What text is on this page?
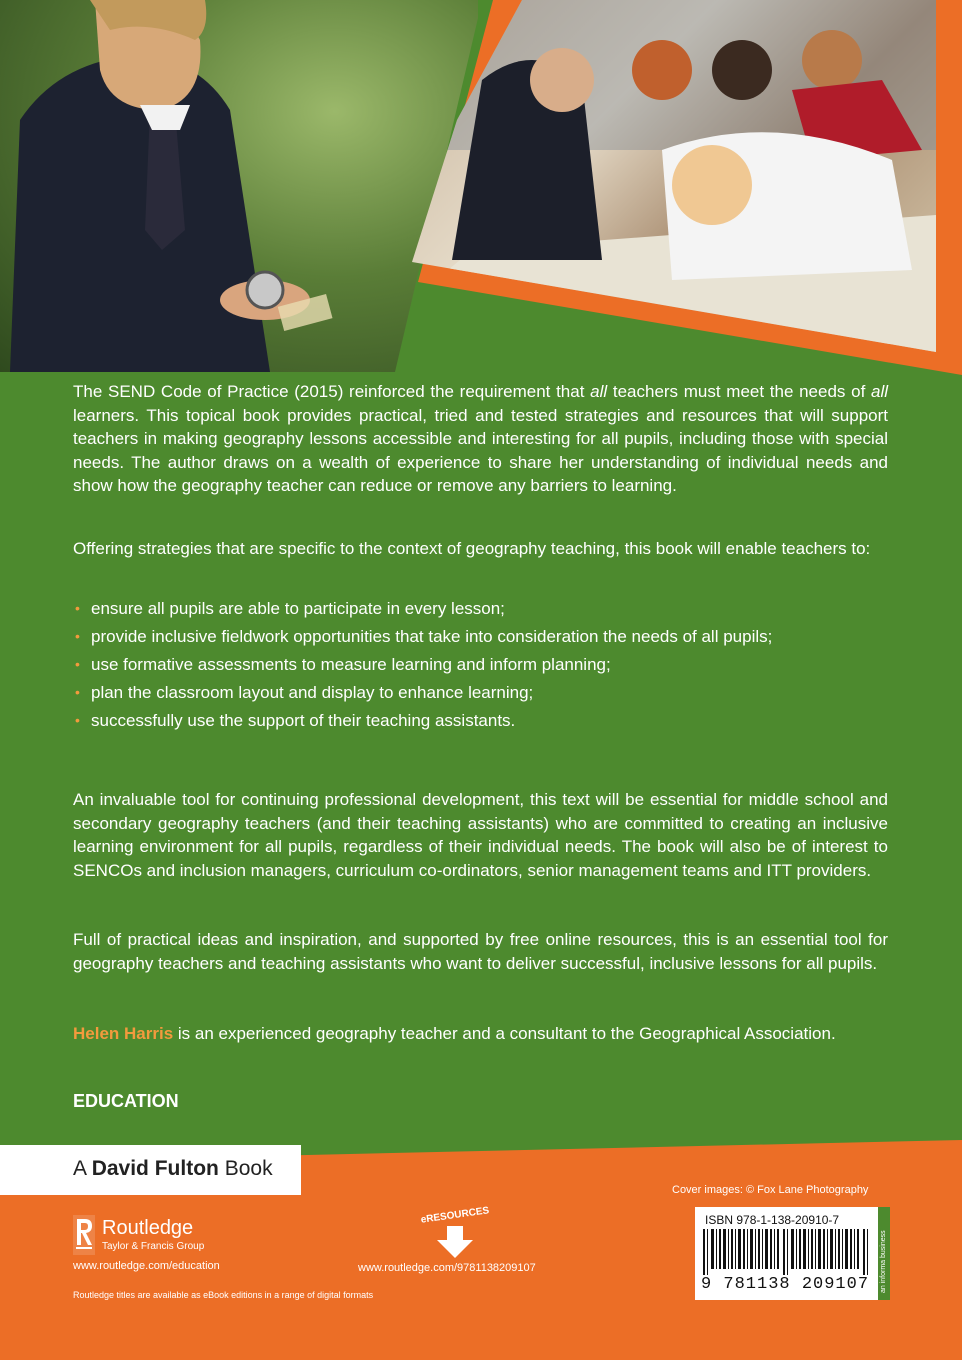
The SEND Code of Practice (2015) reinforced the requirement that all teachers must meet the needs of all learners. This topical book provides practical, tried and tested strategies and resources that will support teachers in making geography lessons accessible and interesting for all pupils, including those with special needs. The author draws on a wealth of experience to share her understanding of individual needs and show how the geography teacher can reduce or remove any barriers to learning.

Offering strategies that are specific to the context of geography teaching, this book will enable teachers to:

• ensure all pupils are able to participate in every lesson;
• provide inclusive fieldwork opportunities that take into consideration the needs of all pupils;
• use formative assessments to measure learning and inform planning;
• plan the classroom layout and display to enhance learning;
• successfully use the support of their teaching assistants.

An invaluable tool for continuing professional development, this text will be essential for middle school and secondary geography teachers (and their teaching assistants) who are committed to creating an inclusive learning environment for all pupils, regardless of their individual needs. The book will also be of interest to SENCOs and inclusion managers, curriculum co-ordinators, senior management teams and ITT providers.

Full of practical ideas and inspiration, and supported by free online resources, this is an essential tool for geography teachers and teaching assistants who want to deliver successful, inclusive lessons for all pupils.

Helen Harris is an experienced geography teacher and a consultant to the Geographical Association.

EDUCATION
A David Fulton Book
Cover images: © Fox Lane Photography
Routledge
Taylor & Francis Group
www.routledge.com/education
eRESOURCES
www.routledge.com/9781138209107
Routledge titles are available as eBook editions in a range of digital formats
ISBN 978-1-138-20910-7
9 781138 209107 an informa business
